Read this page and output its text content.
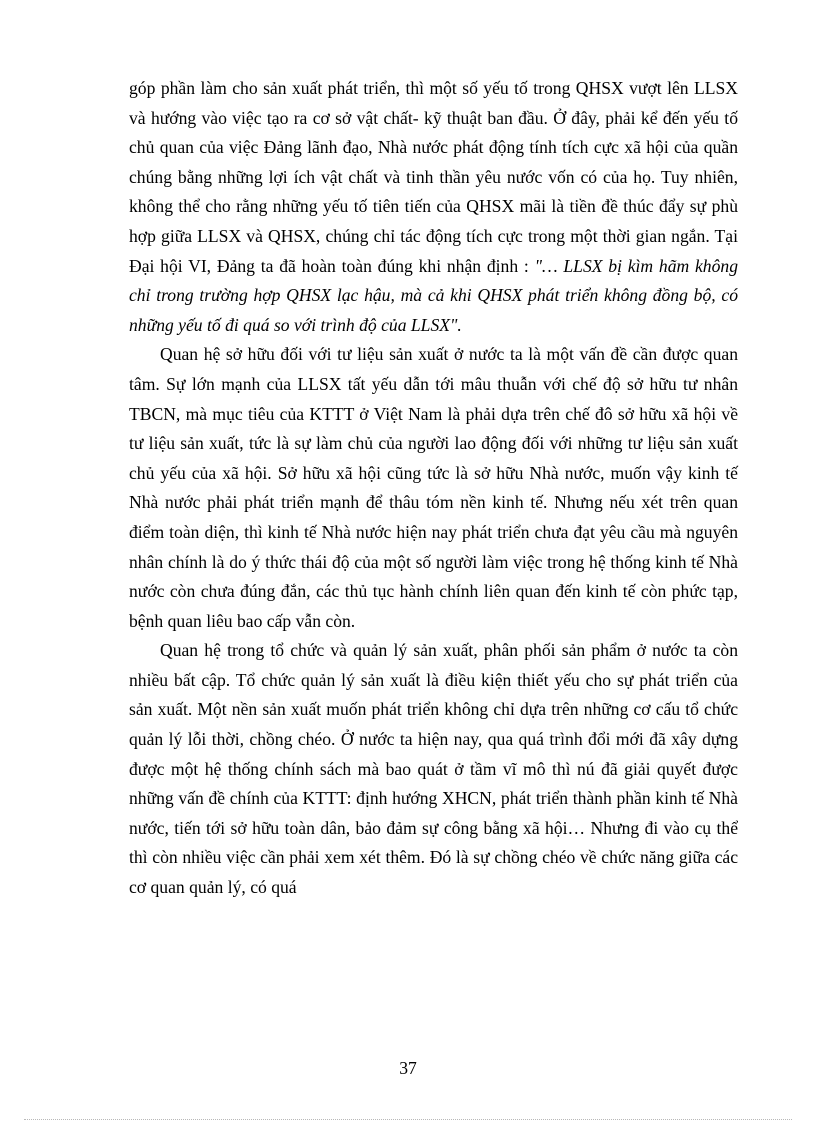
góp phần làm cho sản xuất phát triển, thì một số yếu tố trong QHSX vượt lên LLSX và hướng vào việc tạo ra cơ sở vật chất- kỹ thuật ban đầu. Ở đây, phải kể đến yếu tố chủ quan của việc Đảng lãnh đạo, Nhà nước phát động tính tích cực xã hội của quần chúng bằng những lợi ích vật chất và tinh thần yêu nước vốn có của họ. Tuy nhiên, không thể cho rằng những yếu tố tiên tiến của QHSX mãi là tiền đề thúc đẩy sự phù hợp giữa LLSX và QHSX, chúng chỉ tác động tích cực trong một thời gian ngắn. Tại Đại hội VI, Đảng ta đã hoàn toàn đúng khi nhận định : "… LLSX bị kìm hãm không chỉ trong trường hợp QHSX lạc hậu, mà cả khi QHSX phát triển không đồng bộ, có những yếu tố đi quá so với trình độ của LLSX".

Quan hệ sở hữu đối với tư liệu sản xuất ở nước ta là một vấn đề cần được quan tâm. Sự lớn mạnh của LLSX tất yếu dẫn tới mâu thuẫn với chế độ sở hữu tư nhân TBCN, mà mục tiêu của KTTT ở Việt Nam là phải dựa trên chế đô sở hữu xã hội về tư liệu sản xuất, tức là sự làm chủ của người lao động đối với những tư liệu sản xuất chủ yếu của xã hội. Sở hữu xã hội cũng tức là sở hữu Nhà nước, muốn vậy kinh tế Nhà nước phải phát triển mạnh để thâu tóm nền kinh tế. Nhưng nếu xét trên quan điểm toàn diện, thì kinh tế Nhà nước hiện nay phát triển chưa đạt yêu cầu mà nguyên nhân chính là do ý thức thái độ của một số người làm việc trong hệ thống kinh tế Nhà nước còn chưa đúng đắn, các thủ tục hành chính liên quan đến kinh tế còn phức tạp, bệnh quan liêu bao cấp vẫn còn.

Quan hệ trong tổ chức và quản lý sản xuất, phân phối sản phẩm ở nước ta còn nhiều bất cập. Tổ chức quản lý sản xuất là điều kiện thiết yếu cho sự phát triển của sản xuất. Một nền sản xuất muốn phát triển không chỉ dựa trên những cơ cấu tổ chức quản lý lỗi thời, chồng chéo. Ở nước ta hiện nay, qua quá trình đổi mới đã xây dựng được một hệ thống chính sách mà bao quát ở tầm vĩ mô thì nú đã giải quyết được những vấn đề chính của KTTT: định hướng XHCN, phát triển thành phần kinh tế Nhà nước, tiến tới sở hữu toàn dân, bảo đảm sự công bằng xã hội… Nhưng đi vào cụ thể thì còn nhiều việc cần phải xem xét thêm. Đó là sự chồng chéo về chức năng giữa các cơ quan quản lý, có quá

37
